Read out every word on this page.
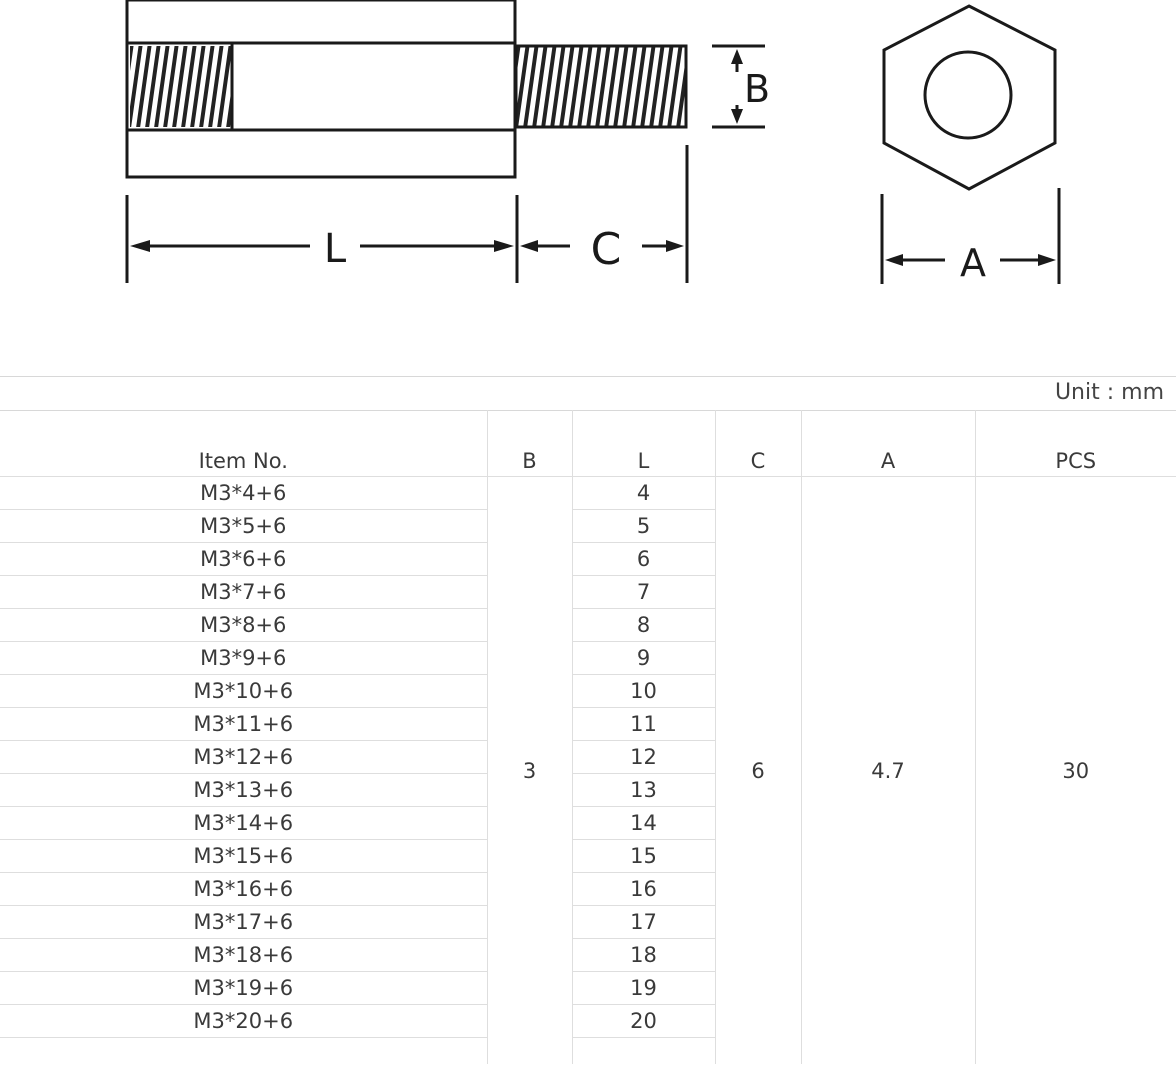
L	C
B
A
Unit : mm
Item No.	B	L	C	A	PCS
M3*4+6	3	4	6	4.7	30
M3*5+6		5			
M3*6+6		6			
M3*7+6		7			
M3*8+6		8			
M3*9+6		9			
M3*10+6		10			
M3*11+6		11			
M3*12+6		12			
M3*13+6		13			
M3*14+6		14			
M3*15+6		15			
M3*16+6		16			
M3*17+6		17			
M3*18+6		18			
M3*19+6		19			
M3*20+6		20			
